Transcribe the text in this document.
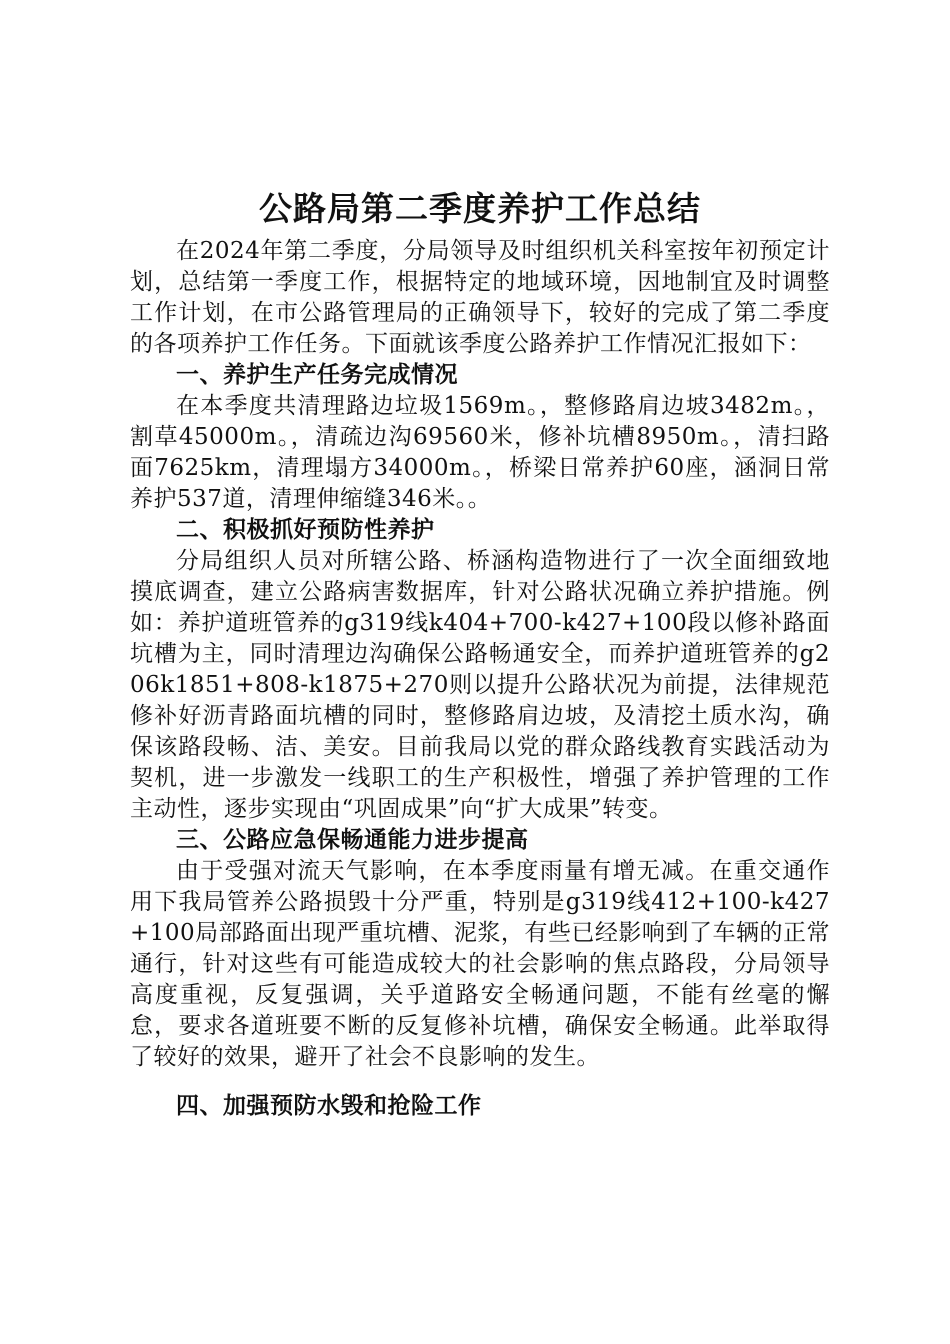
公路局第二季度养护工作总结

在2024年第二季度，分局领导及时组织机关科室按年初预定计划，总结第一季度工作，根据特定的地域环境，因地制宜及时调整工作计划，在市公路管理局的正确领导下，较好的完成了第二季度的各项养护工作任务。下面就该季度公路养护工作情况汇报如下：

一、养护生产任务完成情况

在本季度共清理路边垃圾1569m。，整修路肩边坡3482m。，割草45000m。，清疏边沟69560米，修补坑槽8950m。，清扫路面7625km，清理塌方34000m。，桥梁日常养护60座，涵洞日常养护537道，清理伸缩缝346米。。

二、积极抓好预防性养护

分局组织人员对所辖公路、桥涵构造物进行了一次全面细致地摸底调查，建立公路病害数据库，针对公路状况确立养护措施。例如：养护道班管养的g319线k404+700-k427+100段以修补路面坑槽为主，同时清理边沟确保公路畅通安全，而养护道班管养的g206k1851+808-k1875+270则以提升公路状况为前提，法律规范修补好沥青路面坑槽的同时，整修路肩边坡，及清挖土质水沟，确保该路段畅、洁、美安。目前我局以党的群众路线教育实践活动为契机，进一步激发一线职工的生产积极性，增强了养护管理的工作主动性，逐步实现由“巩固成果”向“扩大成果”转变。

三、公路应急保畅通能力进步提高

由于受强对流天气影响，在本季度雨量有增无减。在重交通作用下我局管养公路损毁十分严重，特别是g319线412+100-k427+100局部路面出现严重坑槽、泥浆，有些已经影响到了车辆的正常通行，针对这些有可能造成较大的社会影响的焦点路段，分局领导高度重视，反复强调，关乎道路安全畅通问题，不能有丝毫的懈怠，要求各道班要不断的反复修补坑槽，确保安全畅通。此举取得了较好的效果，避开了社会不良影响的发生。

四、加强预防水毁和抢险工作
